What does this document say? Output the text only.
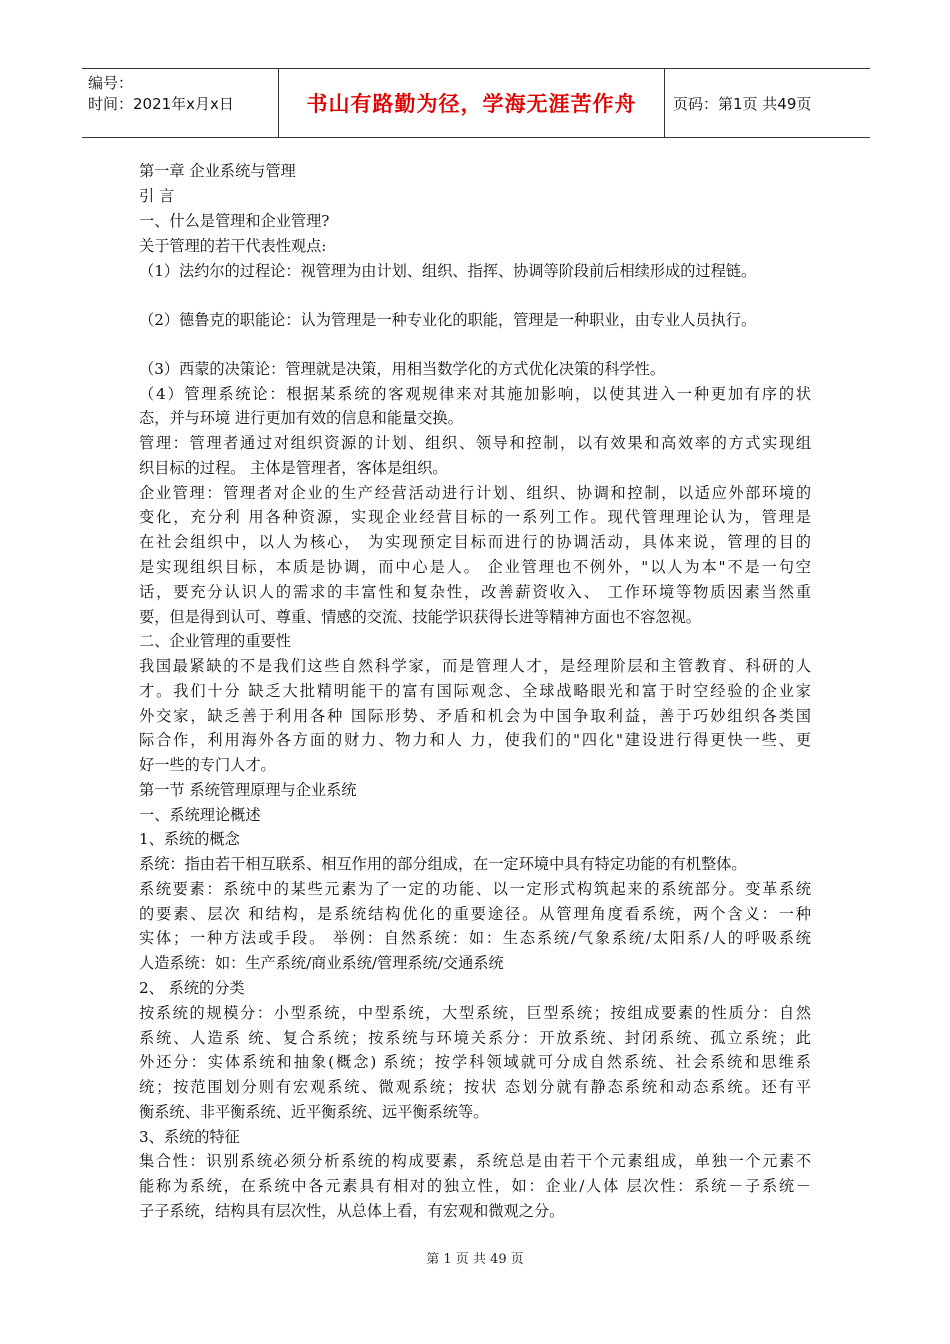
编号：
时间：2021年x月x日	书山有路勤为径，学海无涯苦作舟	页码：第1页 共49页
第一章 企业系统与管理
引 言
一、什么是管理和企业管理?
关于管理的若干代表性观点:
（1）法约尔的过程论：视管理为由计划、组织、指挥、协调等阶段前后相续形成的过程链。
（2）德鲁克的职能论：认为管理是一种专业化的职能，管理是一种职业，由专业人员执行。
（3）西蒙的决策论：管理就是决策，用相当数学化的方式优化决策的科学性。
（4）管理系统论：根据某系统的客观规律来对其施加影响，以使其进入一种更加有序的状
态，并与环境 进行更加有效的信息和能量交换。
管理：管理者通过对组织资源的计划、组织、领导和控制，以有效果和高效率的方式实现组
织目标的过程。 主体是管理者，客体是组织。
企业管理：管理者对企业的生产经营活动进行计划、组织、协调和控制，以适应外部环境的
变化，充分利 用各种资源，实现企业经营目标的一系列工作。现代管理理论认为，管理是
在社会组织中，以人为核心， 为实现预定目标而进行的协调活动，具体来说，管理的目的
是实现组织目标，本质是协调，而中心是人。 企业管理也不例外，"以人为本"不是一句空
话，要充分认识人的需求的丰富性和复杂性，改善薪资收入、 工作环境等物质因素当然重
要，但是得到认可、尊重、情感的交流、技能学识获得长进等精神方面也不容忽视。
二、企业管理的重要性
我国最紧缺的不是我们这些自然科学家，而是管理人才，是经理阶层和主管教育、科研的人
才。我们十分 缺乏大批精明能干的富有国际观念、全球战略眼光和富于时空经验的企业家
外交家，缺乏善于利用各种 国际形势、矛盾和机会为中国争取利益，善于巧妙组织各类国
际合作，利用海外各方面的财力、物力和人 力，使我们的"四化"建设进行得更快一些、更
好一些的专门人才。
第一节 系统管理原理与企业系统
一、系统理论概述
1、系统的概念
系统：指由若干相互联系、相互作用的部分组成，在一定环境中具有特定功能的有机整体。
系统要素：系统中的某些元素为了一定的功能、以一定形式构筑起来的系统部分。变革系统
的要素、层次 和结构，是系统结构优化的重要途径。从管理角度看系统，两个含义：一种
实体；一种方法或手段。 举例：自然系统：如：生态系统/气象系统/太阳系/人的呼吸系统
人造系统：如：生产系统/商业系统/管理系统/交通系统
2、 系统的分类
按系统的规模分：小型系统，中型系统，大型系统，巨型系统；按组成要素的性质分：自然
系统、人造系 统、复合系统；按系统与环境关系分：开放系统、封闭系统、孤立系统；此
外还分：实体系统和抽象(概念) 系统；按学科领域就可分成自然系统、社会系统和思维系
统；按范围划分则有宏观系统、微观系统；按状 态划分就有静态系统和动态系统。还有平
衡系统、非平衡系统、近平衡系统、远平衡系统等。
3、系统的特征
集合性：识别系统必须分析系统的构成要素，系统总是由若干个元素组成，单独一个元素不
能称为系统，在系统中各元素具有相对的独立性，如：企业/人体 层次性：系统－子系统－
子子系统，结构具有层次性，从总体上看，有宏观和微观之分。
第 1 页 共 49 页
